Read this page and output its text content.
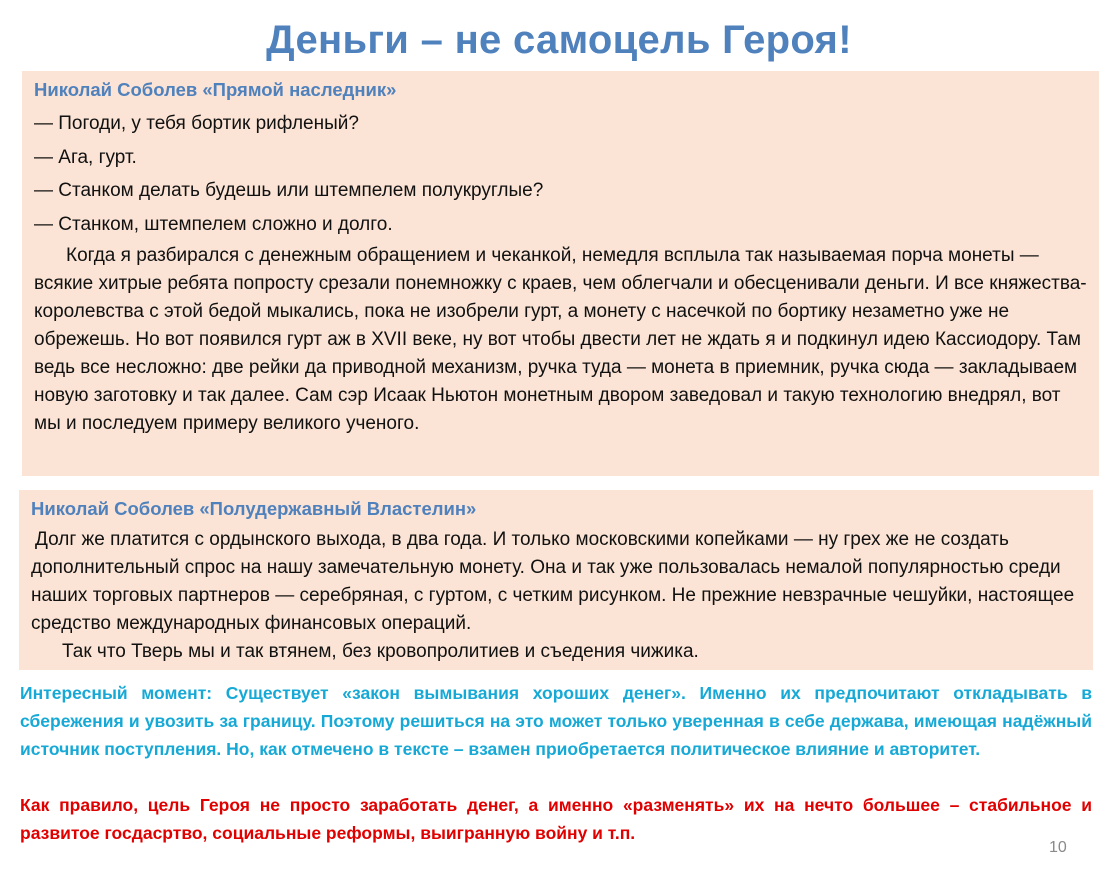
Деньги – не самоцель Героя!
Николай Соболев «Прямой наследник»
— Погоди, у тебя бортик рифленый?
— Ага, гурт.
— Станком делать будешь или штемпелем полукруглые?
— Станком, штемпелем сложно и долго.
Когда я разбирался с денежным обращением и чеканкой, немедля всплыла так называемая порча монеты — всякие хитрые ребята попросту срезали понемножку с краев, чем облегчали и обесценивали деньги. И все княжества-королевства с этой бедой мыкались, пока не изобрели гурт, а монету с насечкой по бортику незаметно уже не обрежешь. Но вот появился гурт аж в XVII веке, ну вот чтобы двести лет не ждать я и подкинул идею Кассиодору. Там ведь все несложно: две рейки да приводной механизм, ручка туда — монета в приемник, ручка сюда — закладываем новую заготовку и так далее. Сам сэр Исаак Ньютон монетным двором заведовал и такую технологию внедрял, вот мы и последуем примеру великого ученого.
Николай Соболев «Полудержавный Властелин»
Долг же платится с ордынского выхода, в два года. И только московскими копейками — ну грех же не создать дополнительный спрос на нашу замечательную монету. Она и так уже пользовалась немалой популярностью среди наших торговых партнеров — серебряная, с гуртом, с четким рисунком. Не прежние невзрачные чешуйки, настоящее средство международных финансовых операций.
Так что Тверь мы и так втянем, без кровопролитиев и съедения чижика.
Интересный момент: Существует «закон вымывания хороших денег». Именно их предпочитают откладывать в сбережения и увозить за границу. Поэтому решиться на это может только уверенная в себе держава, имеющая надёжный источник поступления. Но, как отмечено в тексте – взамен приобретается политическое влияние и авторитет.
Как правило, цель Героя не просто заработать денег, а именно «разменять» их на нечто большее – стабильное и развитое госдасртво, социальные реформы, выигранную войну и т.п.
10
